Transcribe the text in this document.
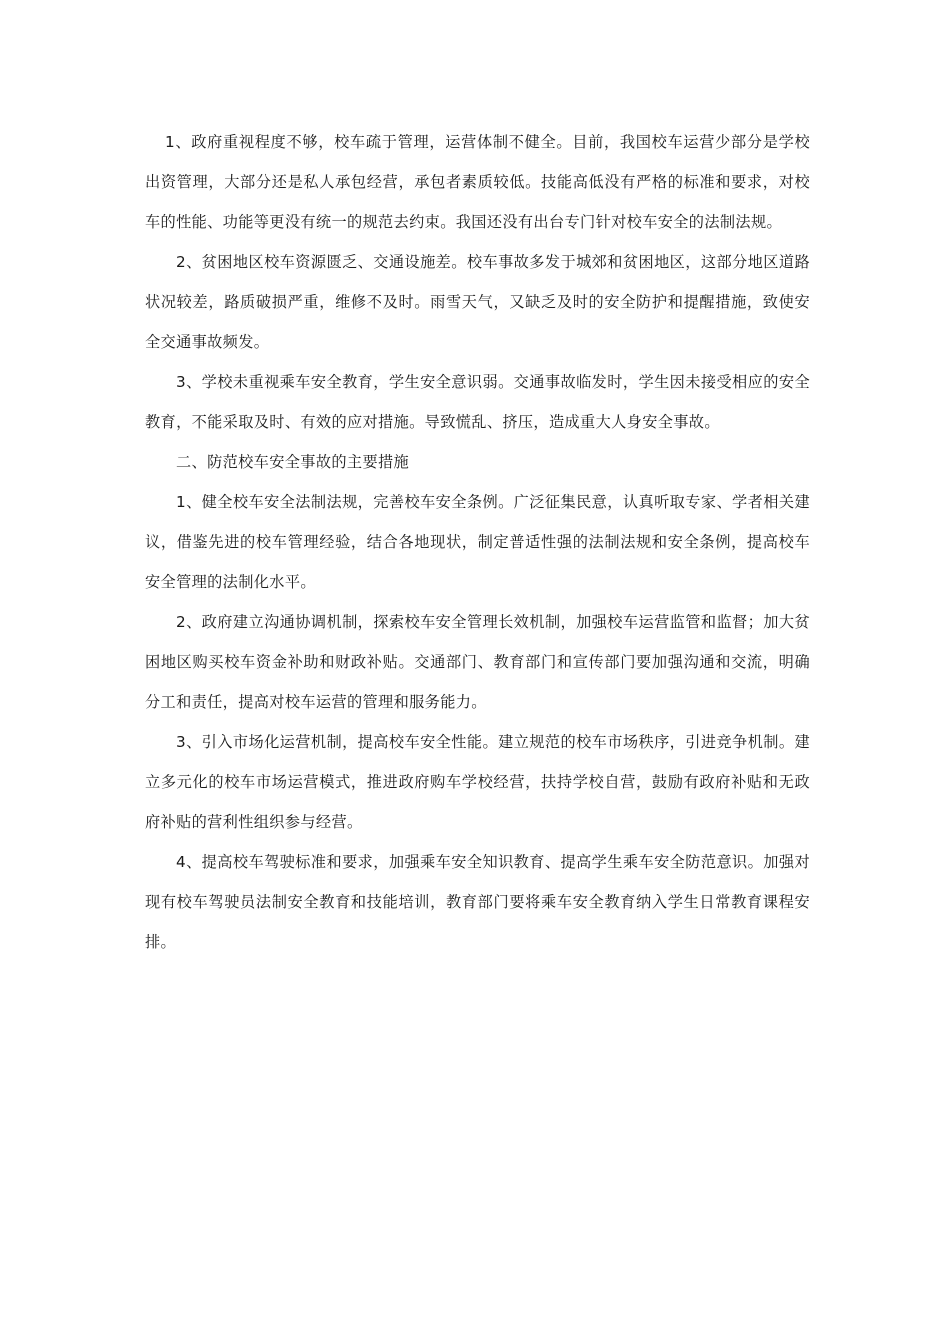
1、政府重视程度不够，校车疏于管理，运营体制不健全。目前，我国校车运营少部分是学校出资管理，大部分还是私人承包经营，承包者素质较低。技能高低没有严格的标准和要求，对校车的性能、功能等更没有统一的规范去约束。我国还没有出台专门针对校车安全的法制法规。

2、贫困地区校车资源匮乏、交通设施差。校车事故多发于城郊和贫困地区，这部分地区道路状况较差，路质破损严重，维修不及时。雨雪天气，又缺乏及时的安全防护和提醒措施，致使安全交通事故频发。

3、学校未重视乘车安全教育，学生安全意识弱。交通事故临发时，学生因未接受相应的安全教育，不能采取及时、有效的应对措施。导致慌乱、挤压，造成重大人身安全事故。

二、防范校车安全事故的主要措施

1、健全校车安全法制法规，完善校车安全条例。广泛征集民意，认真听取专家、学者相关建议，借鉴先进的校车管理经验，结合各地现状，制定普适性强的法制法规和安全条例，提高校车安全管理的法制化水平。

2、政府建立沟通协调机制，探索校车安全管理长效机制，加强校车运营监管和监督；加大贫困地区购买校车资金补助和财政补贴。交通部门、教育部门和宣传部门要加强沟通和交流，明确分工和责任，提高对校车运营的管理和服务能力。

3、引入市场化运营机制，提高校车安全性能。建立规范的校车市场秩序，引进竞争机制。建立多元化的校车市场运营模式，推进政府购车学校经营，扶持学校自营，鼓励有政府补贴和无政府补贴的营利性组织参与经营。

4、提高校车驾驶标准和要求，加强乘车安全知识教育、提高学生乘车安全防范意识。加强对现有校车驾驶员法制安全教育和技能培训，教育部门要将乘车安全教育纳入学生日常教育课程安排。
